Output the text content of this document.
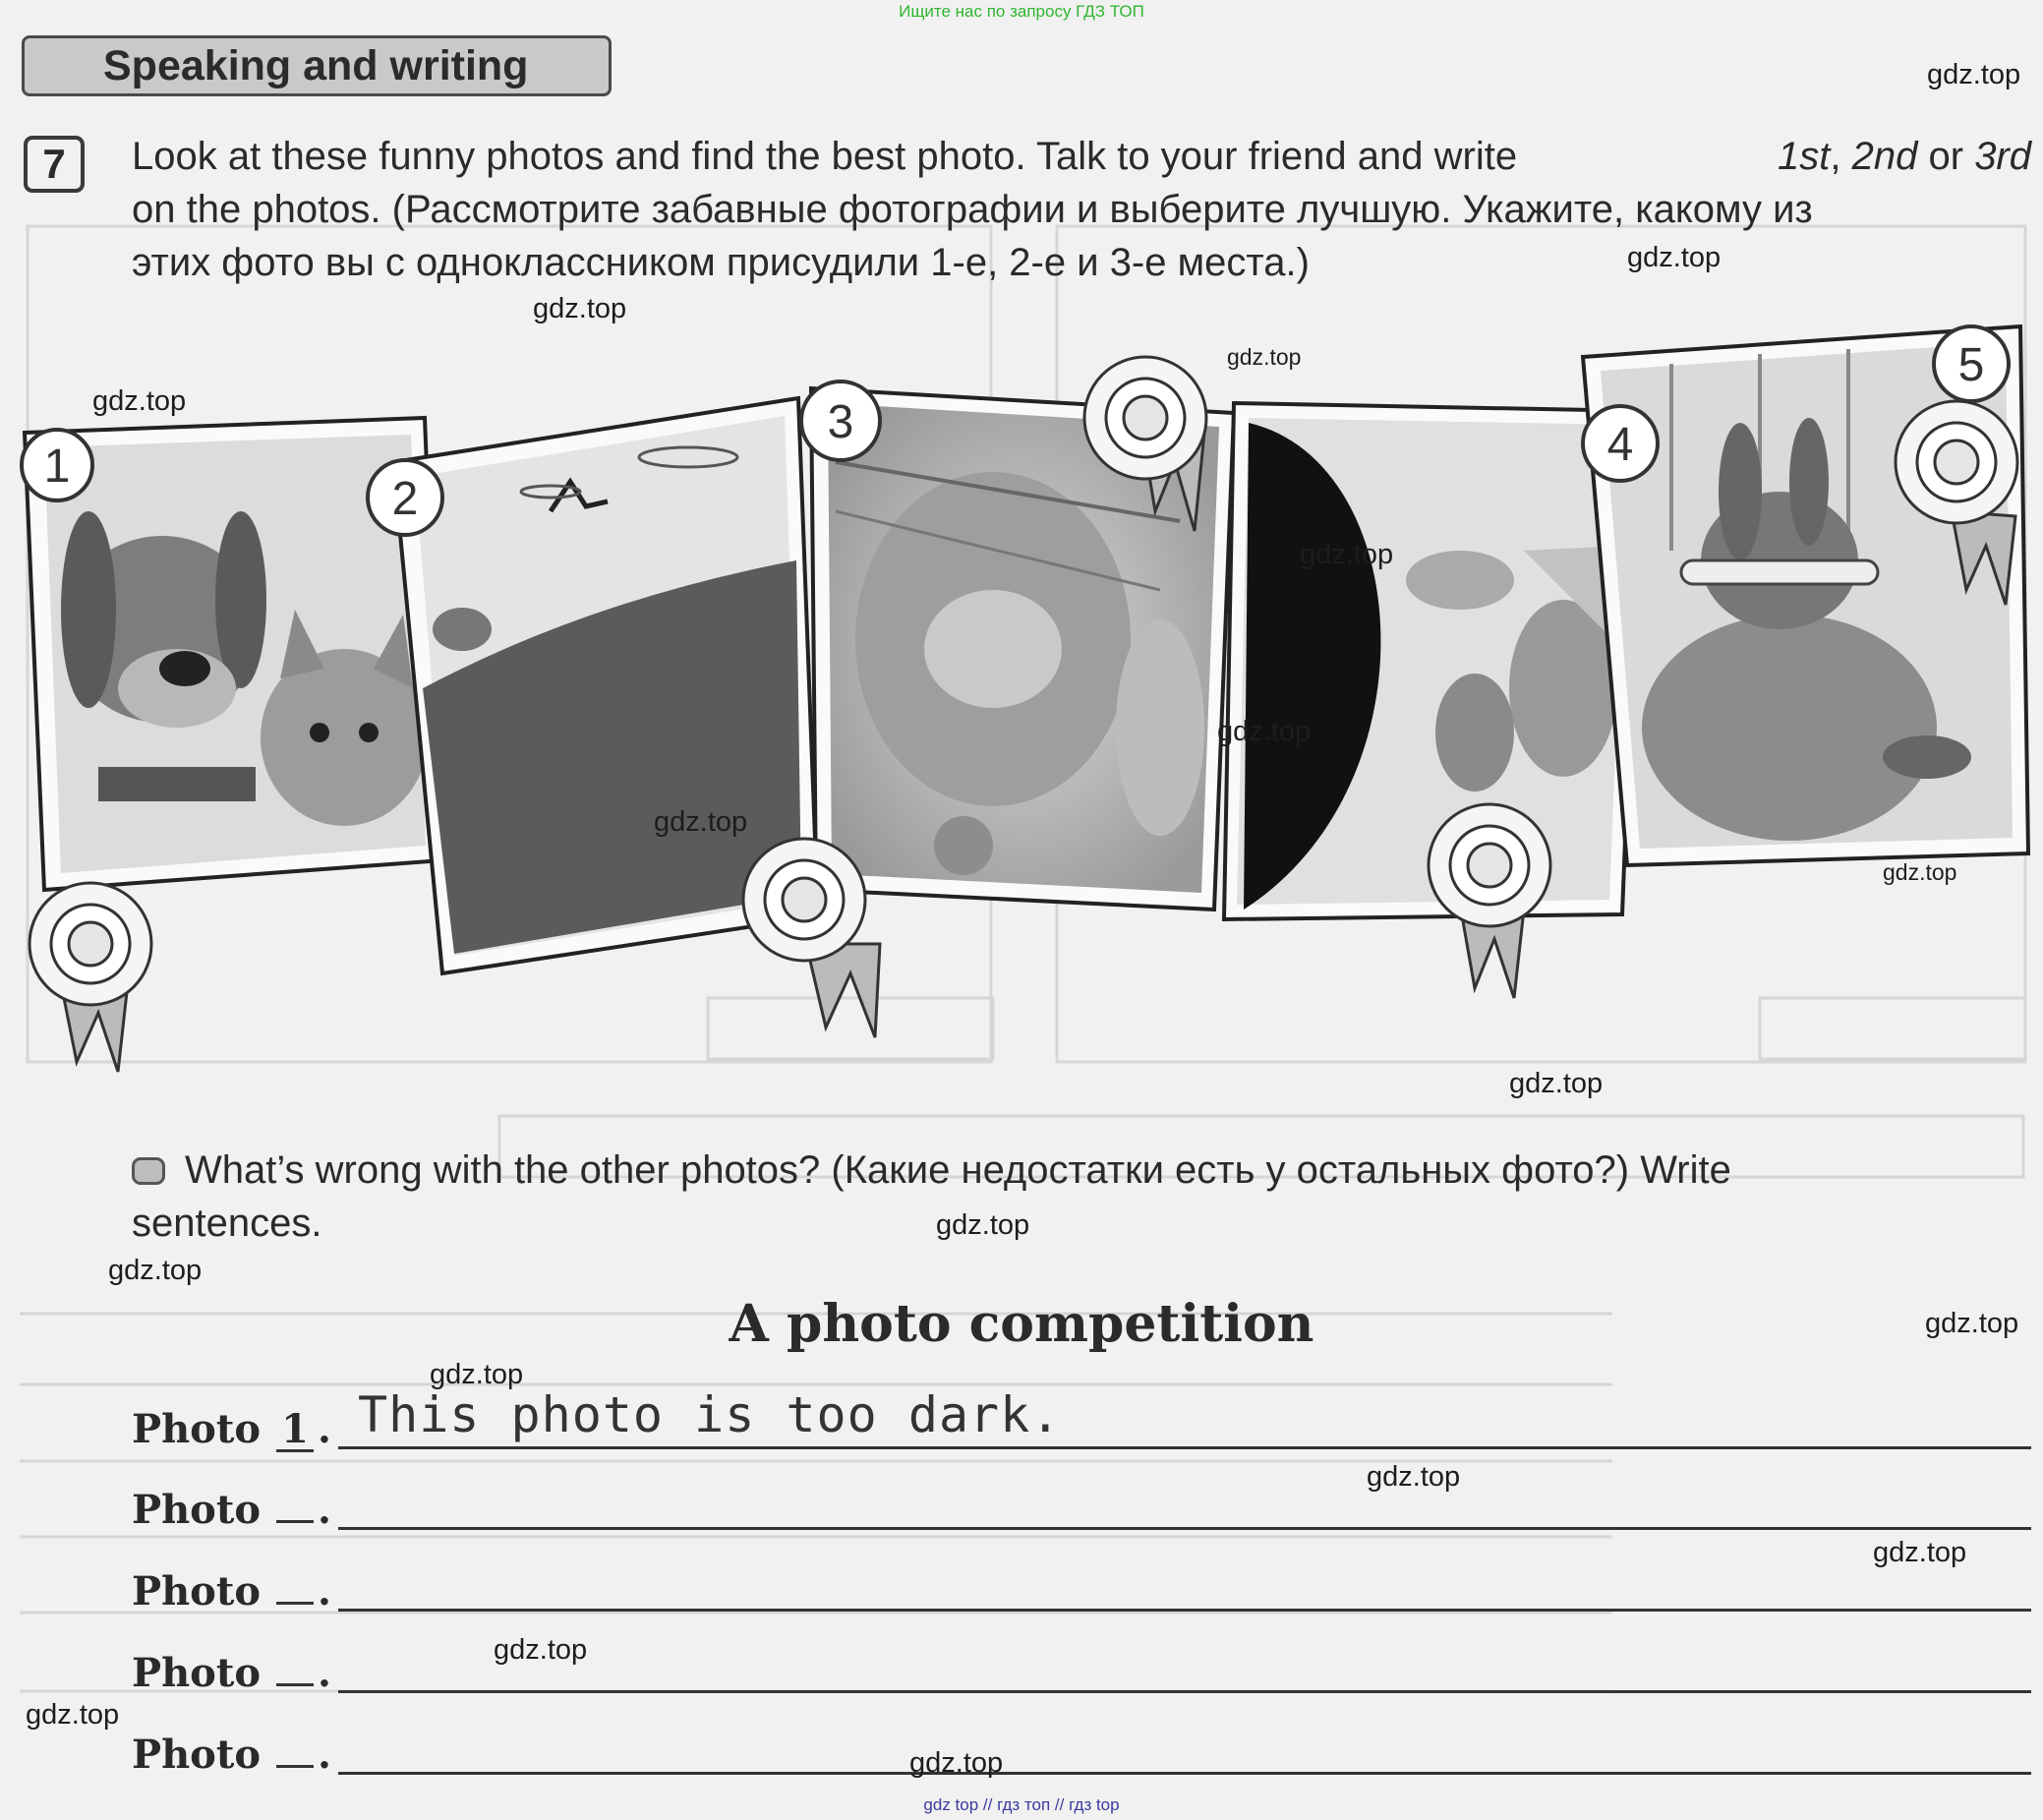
Ищите нас по запросу ГДЗ ТОП
Speaking and writing
7	Look at these funny photos and find the best photo. Talk to your friend and write	1st, 2nd or 3rd
on the photos. (Рассмотрите забавные фотографии и выберите лучшую. Укажите, какому из
этих фото вы с одноклассником присудили 1-е, 2-е и 3-е места.)
1
2
3	4
5
What’s wrong with the other photos? (Какие недостатки есть у остальных фото?) Write
sentences.
A photo competition
Photo 1 . This photo is too dark.
Photo .
Photo .
Photo .
Photo .
gdz.top
gdz.top
gdz.top
gdz.top
gdz.top
gdz.top
gdz.top
gdz.top
gdz.top
gdz.top
gdz.top
gdz.top
gdz.top
gdz.top
gdz.top
gdz.top
gdz.top
gdz.top
gdz.top
gdz top // гдз топ // гдз top
